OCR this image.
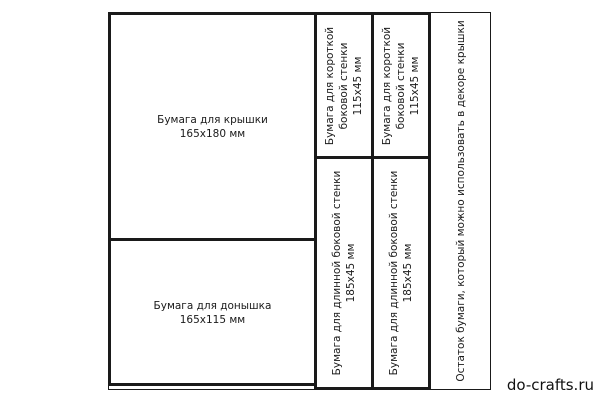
Бумага для крышки
165х180 мм
Бумага для донышка
165х115 мм
Бумага для короткой боковой стенки 115х45 мм Бумага для короткой боковой стенки 115х45 мм
Бумага для длинной боковой стенки 185х45 мм	Бумага для длинной боковой стенки 185х45 мм	Остаток бумаги, который можно использовать в декоре крышки
do-crafts.ru
